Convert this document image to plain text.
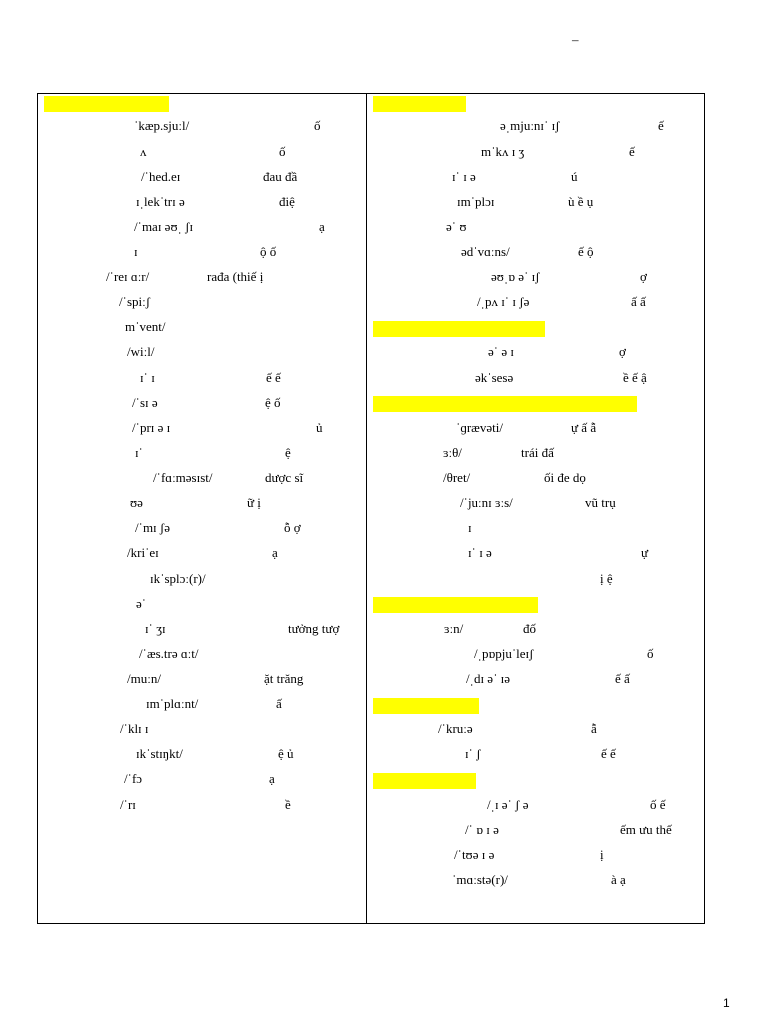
–
ˈkæp.sjuːl/	ố
ʌ	ố
/ˈhed.eɪ	đau đầ
ɪˌlekˈtrɪ ə	điệ
/ˈmaɪ əʊˌ ʃɪ	ạ
ɪ	ộ ố
/ˈreɪ ɑːr/	rađa (thiế ị
/ˈspiːʃ
mˈvent/
/wiːl/
ɪˈ ɪ	ế ế
/ˈsɪ ə	ệ ố
/ˈprɪ ə ɪ	ủ
ɪˈ	ệ
/ˈfɑːməsɪst/	dược sĩ
ʊə	ữ ị
/ˈmɪ ʃə	ỗ ợ
/kriˈeɪ	ạ
ɪkˈsplɔː(r)/
əˈ
ɪˈ ʒɪ	tưởng tượ
/ˈæs.trə ɑːt/
/muːn/	ặt trăng
ɪmˈplɑːnt/	ấ
/ˈklɪ ɪ
ɪkˈstɪŋkt/	ệ ủ
/ˈfɔ	ạ
/ˈrɪ	ề
əˌmjuːnɪˈ ɪʃ	ế
mˈkʌ ɪ ʒ	ế
ɪˈ ɪ ə	ú
ɪmˈplɔɪ	ù ề ụ
əˈ ʊ
ədˈvɑːns/	ế ộ
əʊˌɒ əˈ ɪʃ	ợ
/ˌpʌ ɪˈ ɪ ʃə	ấ ấ
əˈ ə ɪ	ợ
əkˈsesə	ề ế ậ
ˈɡrævəti/	ự ấ ẫ
ɜːθ/	trái đấ
/θret/	ối đe dọ
/ˈjuːnɪ ɜːs/	vũ trụ
ɪ
ɪˈ ɪ ə	ự
ị ệ
ɜːn/	đố
/ˌpɒpjuˈleɪʃ	ố
/ˌdɪ əˈ ɪə	ế ấ
/ˈkruːə	ẫ
ɪˈ ʃ	ế ế
/ˌɪ əˈ ʃ ə	ố ế
/ˈ ɒ ɪ ə	ếm ưu thế
/ˈtʊə ɪ ə	ị
ˈmɑːstə(r)/	à ạ
1
